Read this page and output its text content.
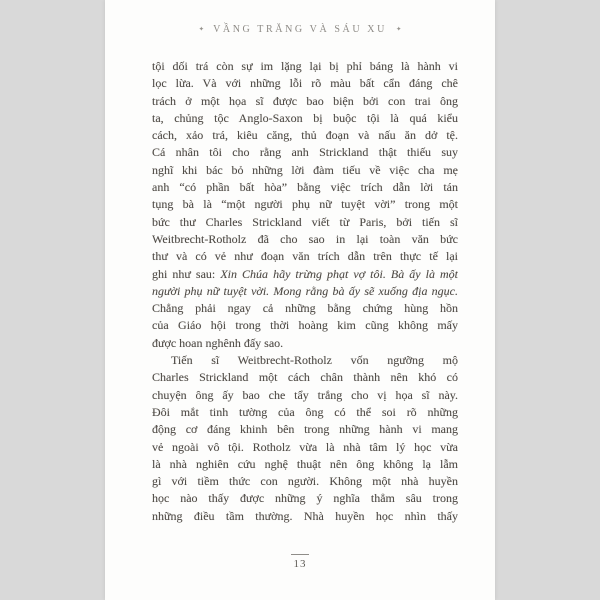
✦ VẦNG TRĂNG VÀ SÁU XU ✦
tội dối trá còn sự im lặng lại bị phỉ báng là hành vi
lọc lừa. Và với những lỗi rõ màu bất cẩn đáng chê
trách ở một họa sĩ được bao biện bởi con trai ông
ta, chủng tộc Anglo-Saxon bị buộc tội là quá kiểu
cách, xảo trá, kiêu căng, thủ đoạn và nấu ăn dở tệ.
Cá nhân tôi cho rằng anh Strickland thật thiếu suy
nghĩ khi bác bỏ những lời đàm tiếu về việc cha mẹ
anh “có phần bất hòa” bằng việc trích dẫn lời tán
tụng bà là “một người phụ nữ tuyệt vời” trong một
bức thư Charles Strickland viết từ Paris, bởi tiến sĩ
Weitbrecht-Rotholz đã cho sao in lại toàn văn bức
thư và có vẻ như đoạn văn trích dẫn trên thực tế lại
ghi như sau: Xin Chúa hãy trừng phạt vợ tôi. Bà ấy là một
người phụ nữ tuyệt vời. Mong rằng bà ấy sẽ xuống địa ngục.
Chẳng phải ngay cả những bằng chứng hùng hồn
của Giáo hội trong thời hoàng kim cũng không mấy
được hoan nghênh đấy sao.
Tiến sĩ Weitbrecht-Rotholz vốn ngưỡng mộ
Charles Strickland một cách chân thành nên khó có
chuyện ông ấy bao che tẩy trắng cho vị họa sĩ này.
Đôi mắt tinh tường của ông có thể soi rõ những
động cơ đáng khinh bên trong những hành vi mang
vẻ ngoài vô tội. Rotholz vừa là nhà tâm lý học vừa
là nhà nghiên cứu nghệ thuật nên ông không lạ lẫm
gì với tiềm thức con người. Không một nhà huyền
học nào thấy được những ý nghĩa thẳm sâu trong
những điều tầm thường. Nhà huyền học nhìn thấy
13
